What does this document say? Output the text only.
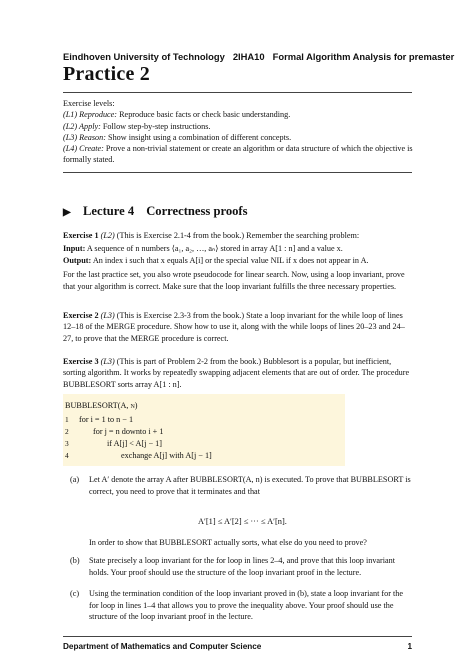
Eindhoven University of Technology 2IHA10 Formal Algorithm Analysis for premaster
Practice 2

Exercise levels:

(L1) Reproduce: Reproduce basic facts or check basic understanding.

(L2) Apply: Follow step-by-step instructions.

(L3) Reason: Show insight using a combination of different concepts.

(L4) Create: Prove a non-trivial statement or create an algorithm or data structure of which the objective is formally stated.

▶ Lecture 4 Correctness proofs

Exercise 1 (L2) (This is Exercise 2.1-4 from the book.) Remember the searching problem:

Input: A sequence of n numbers ⟨a₁, a₂, …, aₙ⟩ stored in array A[1 : n] and a value x.

Output: An index i such that x equals A[i] or the special value NIL if x does not appear in A.

For the last practice set, you also wrote pseudocode for linear search. Now, using a loop invariant, prove that your algorithm is correct. Make sure that the loop invariant fulfills the three necessary properties.

Exercise 2 (L3) (This is Exercise 2.3-3 from the book.) State a loop invariant for the while loop of lines 12–18 of the MERGE procedure. Show how to use it, along with the while loops of lines 20–23 and 24–27, to prove that the MERGE procedure is correct.

Exercise 3 (L3) (This is part of Problem 2-2 from the book.) Bubblesort is a popular, but inefficient, sorting algorithm. It works by repeatedly swapping adjacent elements that are out of order. The procedure BUBBLESORT sorts array A[1 : n].

BUBBLESORT(A, n)
1 for i = 1 to n − 1
2	for j = n downto i + 1
3	if A[j] < A[j − 1]
4	exchange A[j] with A[j − 1]
(a) Let A′ denote the array A after BUBBLESORT(A, n) is executed. To prove that BUBBLESORT is correct, you need to prove that it terminates and that
In order to show that BUBBLESORT actually sorts, what else do you need to prove?
(b) State precisely a loop invariant for the for loop in lines 2–4, and prove that this loop invariant holds. Your proof should use the structure of the loop invariant proof in the lecture.
(c) Using the termination condition of the loop invariant proved in (b), state a loop invariant for the for loop in lines 1–4 that allows you to prove the inequality above. Your proof should use the structure of the loop invariant proof in the lecture.
A′[1] ≤ A′[2] ≤ ··· ≤ A′[n].
Department of Mathematics and Computer Science	1
